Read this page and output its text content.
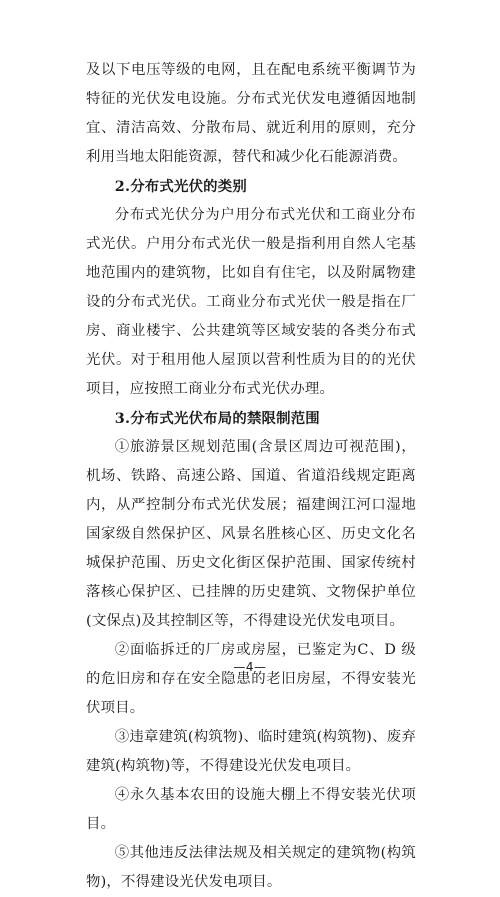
及以下电压等级的电网，且在配电系统平衡调节为特征的光伏发电设施。分布式光伏发电遵循因地制宜、清洁高效、分散布局、就近利用的原则，充分利用当地太阳能资源，替代和减少化石能源消费。

2.分布式光伏的类别

分布式光伏分为户用分布式光伏和工商业分布式光伏。户用分布式光伏一般是指利用自然人宅基地范围内的建筑物，比如自有住宅，以及附属物建设的分布式光伏。工商业分布式光伏一般是指在厂房、商业楼宇、公共建筑等区域安装的各类分布式光伏。对于租用他人屋顶以营利性质为目的的光伏项目，应按照工商业分布式光伏办理。

3.分布式光伏布局的禁限制范围

①旅游景区规划范围(含景区周边可视范围)，机场、铁路、高速公路、国道、省道沿线规定距离内，从严控制分布式光伏发展；福建闽江河口湿地国家级自然保护区、风景名胜核心区、历史文化名城保护范围、历史文化街区保护范围、国家传统村落核心保护区、已挂牌的历史建筑、文物保护单位(文保点)及其控制区等，不得建设光伏发电项目。

②面临拆迁的厂房或房屋，已鉴定为C、D 级的危旧房和存在安全隐患的老旧房屋，不得安装光伏项目。

③违章建筑(构筑物)、临时建筑(构筑物)、废弃建筑(构筑物)等，不得建设光伏发电项目。

④永久基本农田的设施大棚上不得安装光伏项目。

⑤其他违反法律法规及相关规定的建筑物(构筑物)，不得建设光伏发电项目。

—4—
